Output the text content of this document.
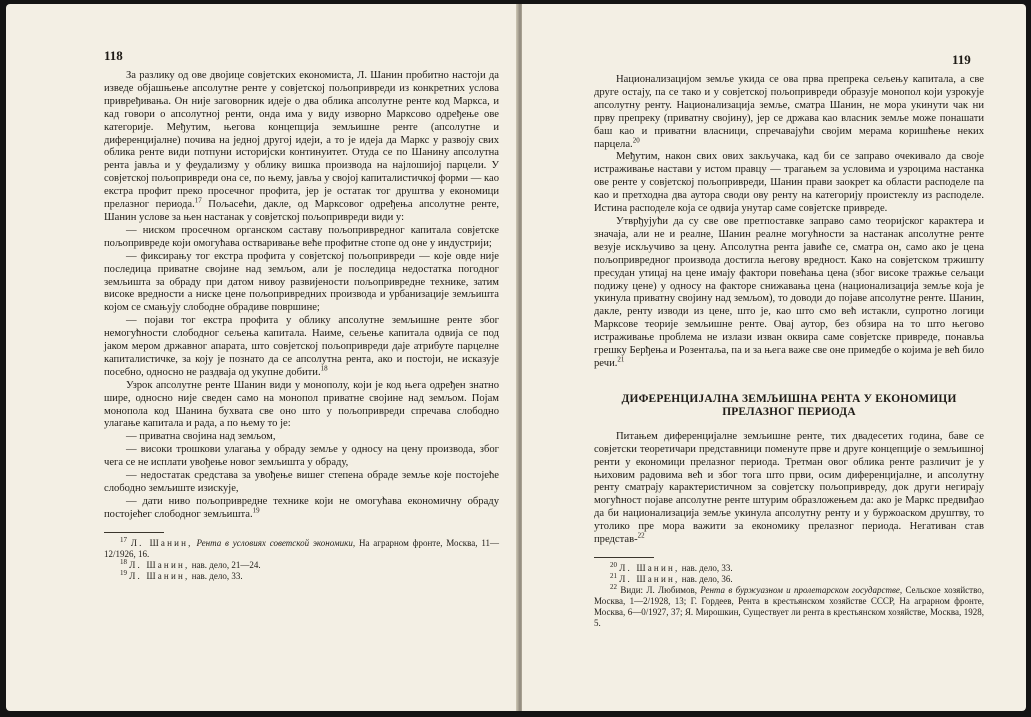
118

За разлику од ове двојице совјетских економиста, Л. Шанин пробитно настоји да изведе објашњење апсолутне ренте у совјетској пољопривреди из конкретних услова привређивања. Он није заговорник идеје о два облика апсолутне ренте код Маркса, и кад говори о апсолутној ренти, онда има у виду изворно Марксово одређење ове категорије. Међутим, његова концепција земљишне ренте (апсолутне и диференцијалне) почива на једној другој идеји, а то је идеја да Маркс у развоју свих облика ренте види потпуни историјски континуитет. Отуда се по Шанину апсолутна рента јавља и у феудализму у облику вишка производа на најлошијој парцели. У совјетској пољопривреди она се, по њему, јавља у својој капиталистичкој форми — као екстра профит преко просечног профита, јер је остатак тог друштва у економици прелазног периода.$^{17}$ Пољасећи, дакле, од Марксовог одређења апсолутне ренте, Шанин услове за њен настанак у совјетској пољопривреди види у:

— ниском просечном органском саставу пољопривредног капитала совјетске пољопривреде који омогућава остваривање веће профитне стопе од оне у индустрији;

— фиксирању тог екстра профита у совјетској пољопривреди — које овде није последица приватне својине над земљом, али је последица недостатка погодног земљишта за обраду при датом нивоу развијености пољопривредне технике, затим високе вредности а ниске цене пољопривредних производа и урбанизације земљишта којом се смањују слободне обрадиве површине;

— појави тог екстра профита у облику апсолутне земљишне ренте због немогућности слободног сељења капитала. Наиме, сељење капитала одвија се под јаком мером државног апарата, што совјетској пољопривреди даје атрибуте парцелне капиталистичке, за коју је познато да се апсолутна рента, ако и постоји, не исказује посебно, односно не раздваја од укупне добити.$^{18}$

Узрок апсолутне ренте Шанин види у монополу, који је код њега одређен знатно шире, односно није сведен само на монопол приватне својине над земљом. Појам монопола код Шанина бухвата све оно што у пољопривреди спречава слободно улагање капитала и рада, а по њему то је:

— приватна својина над земљом,

— високи трошкови улагања у обраду земље у односу на цену производа, због чега се не исплати увођење новог земљишта у обраду,

— недостатак средстава за увођење вишег степена обраде земље које постојеће слободно земљиште изискује,

— дати ниво пољопривредне технике који не омогућава економичну обраду постојећег слободног земљишта.$^{19}$

$^{17}$ Л. Шанин, Рента в условиях советской экономики, На аграрном фронте, Москва, 11—12/1926, 16.
$^{18}$ Л. Шанин, нав. дело, 21—24.
$^{19}$ Л. Шанин, нав. дело, 33.
119

Национализацијом земље укида се ова прва препрека сељењу капитала, а све друге остају, па се тако и у совјетској пољопривреди образује монопол који узрокује апсолутну ренту. Национализација земље, сматра Шанин, не мора укинути чак ни прву препреку (приватну својину), јер се држава као власник земље може понашати баш као и приватни власници, спречавајући својим мерама коришћење неких парцела.$^{20}$

Међутим, након свих ових закључака, кад би се заправо очекивало да своје истраживање настави у истом правцу — трагањем за условима и узроцима настанка ове ренте у совјетској пољопривреди, Шанин прави заокрет ка области расподеле па као и претходна два аутора своди ову ренту на категорију проистеклу из расподеле. Истина расподеле која се одвија унутар саме совјетске привреде.

Утврђујући да су све ове претпоставке заправо само теоријског карактера и значаја, али не и реалне, Шанин реалне могућности за настанак апсолутне ренте везује искључиво за цену. Апсолутна рента јавиће се, сматра он, само ако је цена пољопривредног производа достигла његову вредност. Како на совјетском тржишту пресудан утицај на цене имају фактори повећања цена (због високе тражње сељаци подижу цене) у односу на факторе снижавања цена (национализација земље која је укинула приватну својину над земљом), то доводи до појаве апсолутне ренте. Шанин, дакле, ренту изводи из цене, што је, као што смо већ истакли, супротно логици Марксове теорије земљишне ренте. Овај аутор, без обзира на то што његово истраживање проблема не излази изван оквира саме совјетске привреде, понавља грешку Берђења и Розентаља, па и за њега важе све оне примедбе о којима је већ било речи.$^{21}$

ДИФЕРЕНЦИЈАЛНА ЗЕМЉИШНА РЕНТА У ЕКОНОМИЦИ
ПРЕЛАЗНОГ ПЕРИОДА

Питањем диференцијалне земљишне ренте, тих двадесетих година, баве се совјетски теоретичари представници поменуте прве и друге концепције о земљишној ренти у економици прелазног периода. Третман овог облика ренте различит је у њиховим радовима већ и због тога што први, осим диференцијалне, и апсолутну ренту сматрају карактеристичном за совјетску пољопривреду, док други негирају могућност појаве апсолутне ренте штурим образложењем да: ако је Маркс предвиђао да би национализација земље укинула апсолутну ренту и у буржоаском друштву, то утолико пре мора важити за економику прелазног периода. Негативан став представ-$^{22}$

$^{20}$ Л. Шанин, нав. дело, 33.
$^{21}$ Л. Шанин, нав. дело, 36.
$^{22}$ Види: Л. Любимов, Рента в буржуазном и пролетарском государстве, Сельское хозяйство, Москва, 1—2/1928, 13; Г. Гордеев, Рента в крестьянском хозяйстве СССР, На аграрном фронте, Москва, 6—0/1927, 37; Я. Мирошкин, Существует ли рента в крестьянском хозяйстве, Москва, 1928, 5.
